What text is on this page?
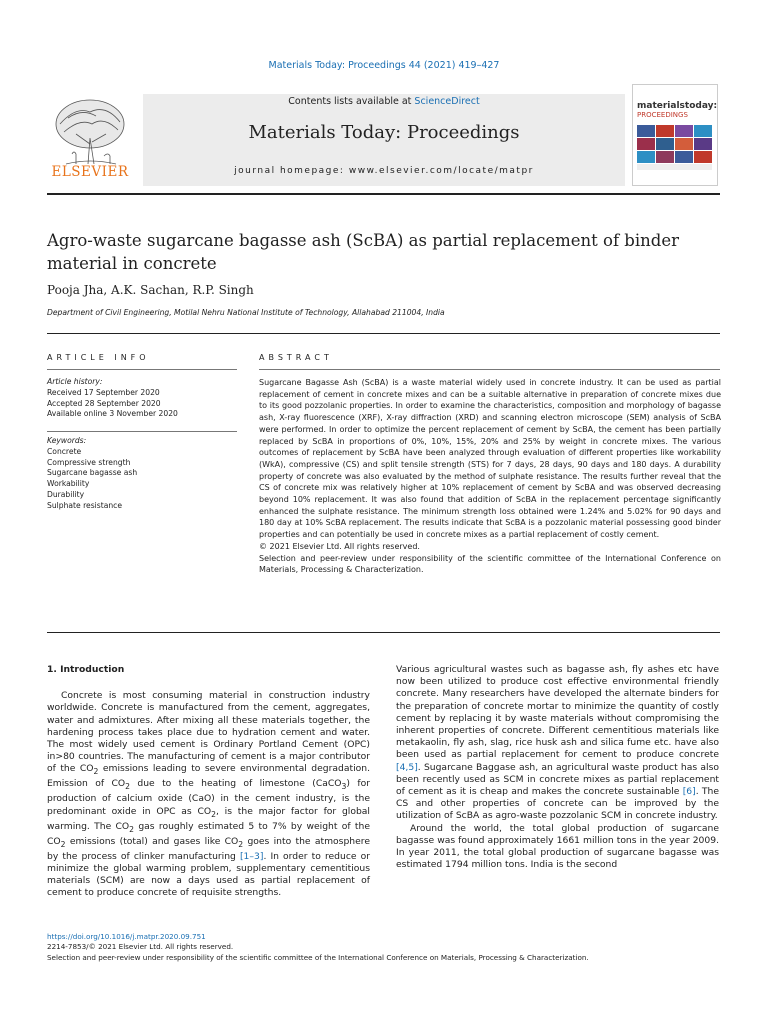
Materials Today: Proceedings 44 (2021) 419–427
ELSEVIER
Contents lists available at ScienceDirect
Materials Today: Proceedings
journal homepage: www.elsevier.com/locate/matpr
materialstoday:
PROCEEDINGS
Agro-waste sugarcane bagasse ash (ScBA) as partial replacement of binder material in concrete
Pooja Jha, A.K. Sachan, R.P. Singh
Department of Civil Engineering, Motilal Nehru National Institute of Technology, Allahabad 211004, India
ARTICLE INFO
Article history:
Received 17 September 2020
Accepted 28 September 2020
Available online 3 November 2020
Keywords:
Concrete
Compressive strength
Sugarcane bagasse ash
Workability
Durability
Sulphate resistance
ABSTRACT

Sugarcane Bagasse Ash (ScBA) is a waste material widely used in concrete industry. It can be used as partial replacement of cement in concrete mixes and can be a suitable alternative in preparation of concrete mixes due to its good pozzolanic properties. In order to examine the characteristics, composition and morphology of bagasse ash, X-ray fluorescence (XRF), X-ray diffraction (XRD) and scanning electron microscope (SEM) analysis of ScBA were performed. In order to optimize the percent replacement of cement by ScBA, the cement has been partially replaced by ScBA in proportions of 0%, 10%, 15%, 20% and 25% by weight in concrete mixes. The various outcomes of replacement by ScBA have been analyzed through evaluation of different properties like workability (WkA), compressive (CS) and split tensile strength (STS) for 7 days, 28 days, 90 days and 180 days. A durability property of concrete was also evaluated by the method of sulphate resistance. The results further reveal that the CS of concrete mix was relatively higher at 10% replacement of cement by ScBA and was observed decreasing beyond 10% replacement. It was also found that addition of ScBA in the replacement percentage significantly enhanced the sulphate resistance. The minimum strength loss obtained were 1.24% and 5.02% for 90 days and 180 day at 10% ScBA replacement. The results indicate that ScBA is a pozzolanic material possessing good binder properties and can potentially be used in concrete mixes as a partial replacement of costly cement.

© 2021 Elsevier Ltd. All rights reserved.

Selection and peer-review under responsibility of the scientific committee of the International Conference on Materials, Processing & Characterization.

1. Introduction

Concrete is most consuming material in construction industry worldwide. Concrete is manufactured from the cement, aggregates, water and admixtures. After mixing all these materials together, the hardening process takes place due to hydration cement and water. The most widely used cement is Ordinary Portland Cement (OPC) in>80 countries. The manufacturing of cement is a major contributor of the $CO_2$ emissions leading to severe environmental degradation. Emission of $CO_2$ due to the heating of limestone (CaCO$_3$) for production of calcium oxide (CaO) in the cement industry, is the predominant oxide in OPC as $CO_2$, is the major factor for global warming. The $CO_2$ gas roughly estimated 5 to 7% by weight of the $CO_2$ emissions (total) and gases like $CO_2$ goes into the atmosphere by the process of clinker manufacturing [1–3]. In order to reduce or minimize the global warming problem, supplementary cementitious materials (SCM) are now a days used as partial replacement of cement to produce concrete of requisite strengths.

Various agricultural wastes such as bagasse ash, fly ashes etc have now been utilized to produce cost effective environmental friendly concrete. Many researchers have developed the alternate binders for the preparation of concrete mortar to minimize the quantity of costly cement by replacing it by waste materials without compromising the inherent properties of concrete. Different cementitious materials like metakaolin, fly ash, slag, rice husk ash and silica fume etc. have also been used as partial replacement for cement to produce concrete [4,5]. Sugarcane Baggase ash, an agricultural waste product has also been recently used as SCM in concrete mixes as partial replacement of cement as it is cheap and makes the concrete sustainable [6]. The CS and other properties of concrete can be improved by the utilization of ScBA as agro-waste pozzolanic SCM in concrete industry.

Around the world, the total global production of sugarcane bagasse was found approximately 1661 million tons in the year 2009. In year 2011, the total global production of sugarcane bagasse was estimated 1794 million tons. India is the second

https://doi.org/10.1016/j.matpr.2020.09.751
2214-7853/© 2021 Elsevier Ltd. All rights reserved.
Selection and peer-review under responsibility of the scientific committee of the International Conference on Materials, Processing & Characterization.
